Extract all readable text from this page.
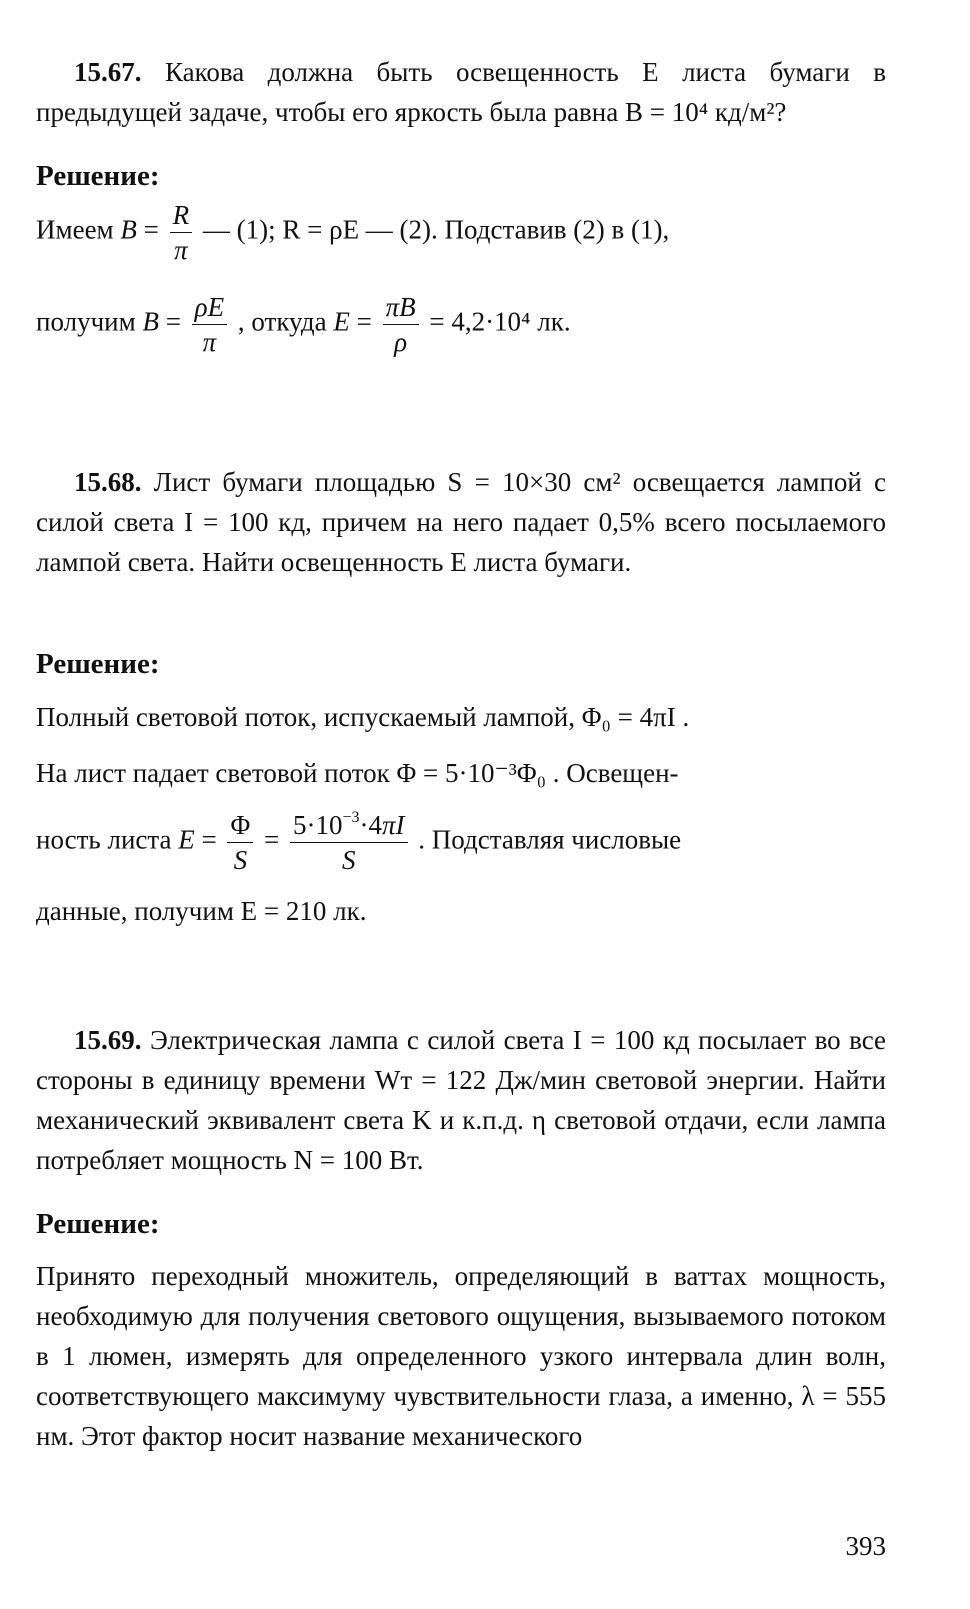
15.67. Какова должна быть освещенность E листа бумаги в предыдущей задаче, чтобы его яркость была равна B = 10⁴ кд/м²?
Решение:
Имеем $B = \frac{R}{\pi}$ — (1); R = ρE — (2). Подставив (2) в (1),
получим $B = \frac{\rho E}{\pi}$ , откуда $E = \frac{\pi B}{\rho} = 4,2\cdot 10^4$ лк.
15.68. Лист бумаги площадью S = 10×30 см² освещается лампой с силой света I = 100 кд, причем на него падает 0,5% всего посылаемого лампой света. Найти освещенность E листа бумаги.
Решение:
Полный световой поток, испускаемый лампой, Φ₀ = 4πI .
На лист падает световой поток Φ = 5·10⁻³Φ₀ . Освещен-
ность листа $E = \frac{\Phi}{S} = \frac{5\cdot 10^{-3}\cdot 4\pi I}{S}$ . Подставляя числовые
данные, получим E = 210 лк.
15.69. Электрическая лампа с силой света I = 100 кд посылает во все стороны в единицу времени Wт = 122 Дж/мин световой энергии. Найти механический эквивалент света K и к.п.д. η световой отдачи, если лампа потребляет мощность N = 100 Вт.
Решение:
Принято переходный множитель, определяющий в ваттах мощность, необходимую для получения светового ощущения, вызываемого потоком в 1 люмен, измерять для определенного узкого интервала длин волн, соответствующего максимуму чувствительности глаза, а именно, λ = 555 нм. Этот фактор носит название механического
393
